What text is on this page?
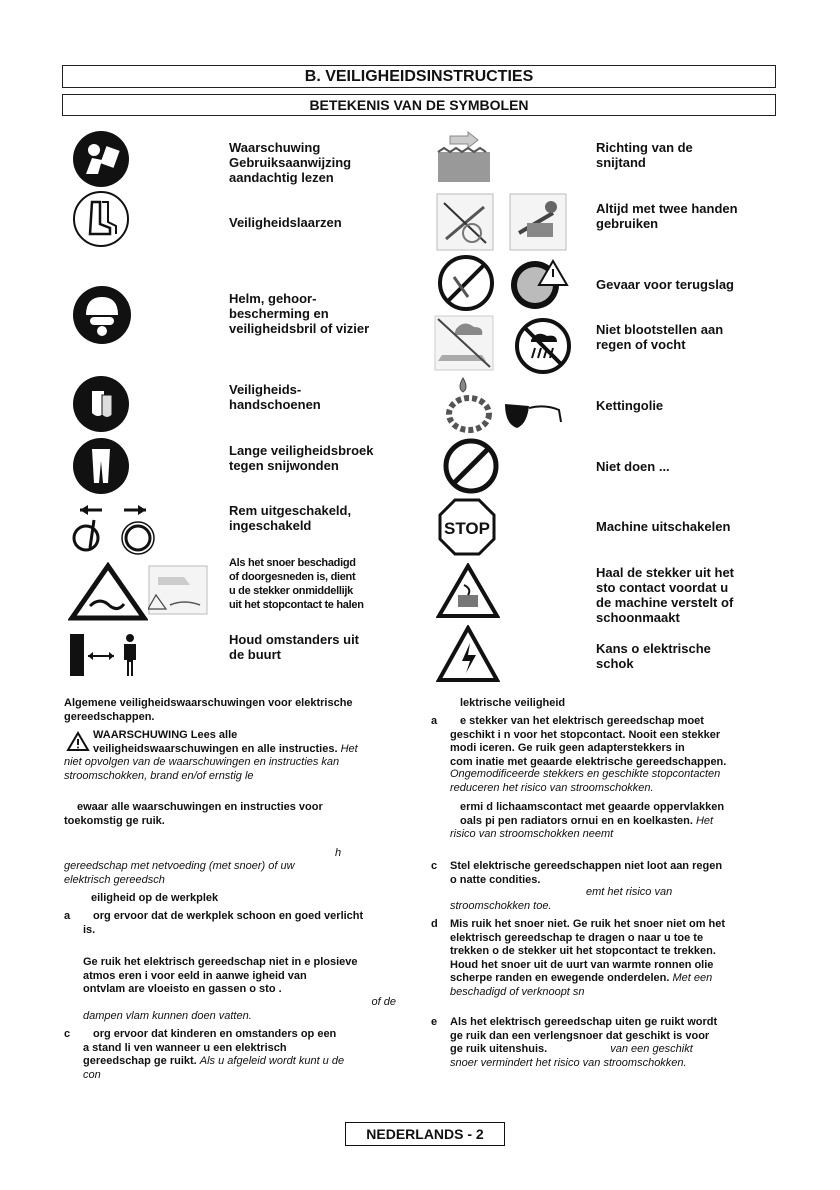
B. VEILIGHEIDSINSTRUCTIES
BETEKENIS VAN DE SYMBOLEN
Waarschuwing
Gebruiksaanwijzing
aandachtig lezen
Veiligheidslaarzen
Helm, gehoor-
bescherming en
veiligheidsbril of vizier
Veiligheids-
handschoenen
Lange veiligheidsbroek
tegen snijwonden
Rem uitgeschakeld,
ingeschakeld
Als het snoer beschadigd
of doorgesneden is, dient
u de stekker onmiddellijk
uit het stopcontact te halen
Houd omstanders uit
de buurt
STOP
Richting van de
snijtand
Altijd met twee handen
gebruiken
Gevaar voor terugslag
Niet blootstellen aan
regen of vocht
Kettingolie
Niet doen ...
Machine uitschakelen
Haal de stekker uit het
sto contact voordat u
de machine verstelt of
schoonmaakt
Kans o elektrische
schok
Algemene veiligheidswaarschuwingen voor elektrische
gereedschappen.
WAARSCHUWING Lees alle
veiligheidswaarschuwingen en alle instructies. Het
niet opvolgen van de waarschuwingen en instructies kan
stroomschokken, brand en/of ernstig le
ewaar alle waarschuwingen en instructies voor
toekomstig ge ruik.
h
gereedschap met netvoeding (met snoer) of uw
elektrisch gereedsch
eiligheid op de werkplek
a	org ervoor dat de werkplek schoon en goed verlicht
is.
Ge ruik het elektrisch gereedschap niet in e plosieve
atmos eren i voor eeld in aanwe igheid van
ontvlam are vloeisto en gassen o sto .
of de
dampen vlam kunnen doen vatten.
c	org ervoor dat kinderen en omstanders op een
a stand li ven wanneer u een elektrisch
gereedschap ge ruikt. Als u afgeleid wordt kunt u de
con
lektrische veiligheid
a	e stekker van het elektrisch gereedschap moet
geschikt i n voor het stopcontact. Nooit een stekker
modi iceren. Ge ruik geen adapterstekkers in
com inatie met geaarde elektrische gereedschappen.
Ongemodificeerde stekkers en geschikte stopcontacten
reduceren het risico van stroomschokken.
ermi d lichaamscontact met geaarde oppervlakken
oals pi pen radiators ornui en en koelkasten. Het
risico van stroomschokken neemt
c Stel elektrische gereedschappen niet loot aan regen
o natte condities.
emt het risico van
stroomschokken toe.
d Mis ruik het snoer niet. Ge ruik het snoer niet om het
elektrisch gereedschap te dragen o naar u toe te
trekken o de stekker uit het stopcontact te trekken.
Houd het snoer uit de uurt van warmte ronnen olie
scherpe randen en ewegende onderdelen. Met een
beschadigd of verknoopt sn
e Als het elektrisch gereedschap uiten ge ruikt wordt
ge ruik dan een verlengsnoer dat geschikt is voor
ge ruik uitenshuis.	van een geschikt
snoer vermindert het risico van stroomschokken.
NEDERLANDS - 2
